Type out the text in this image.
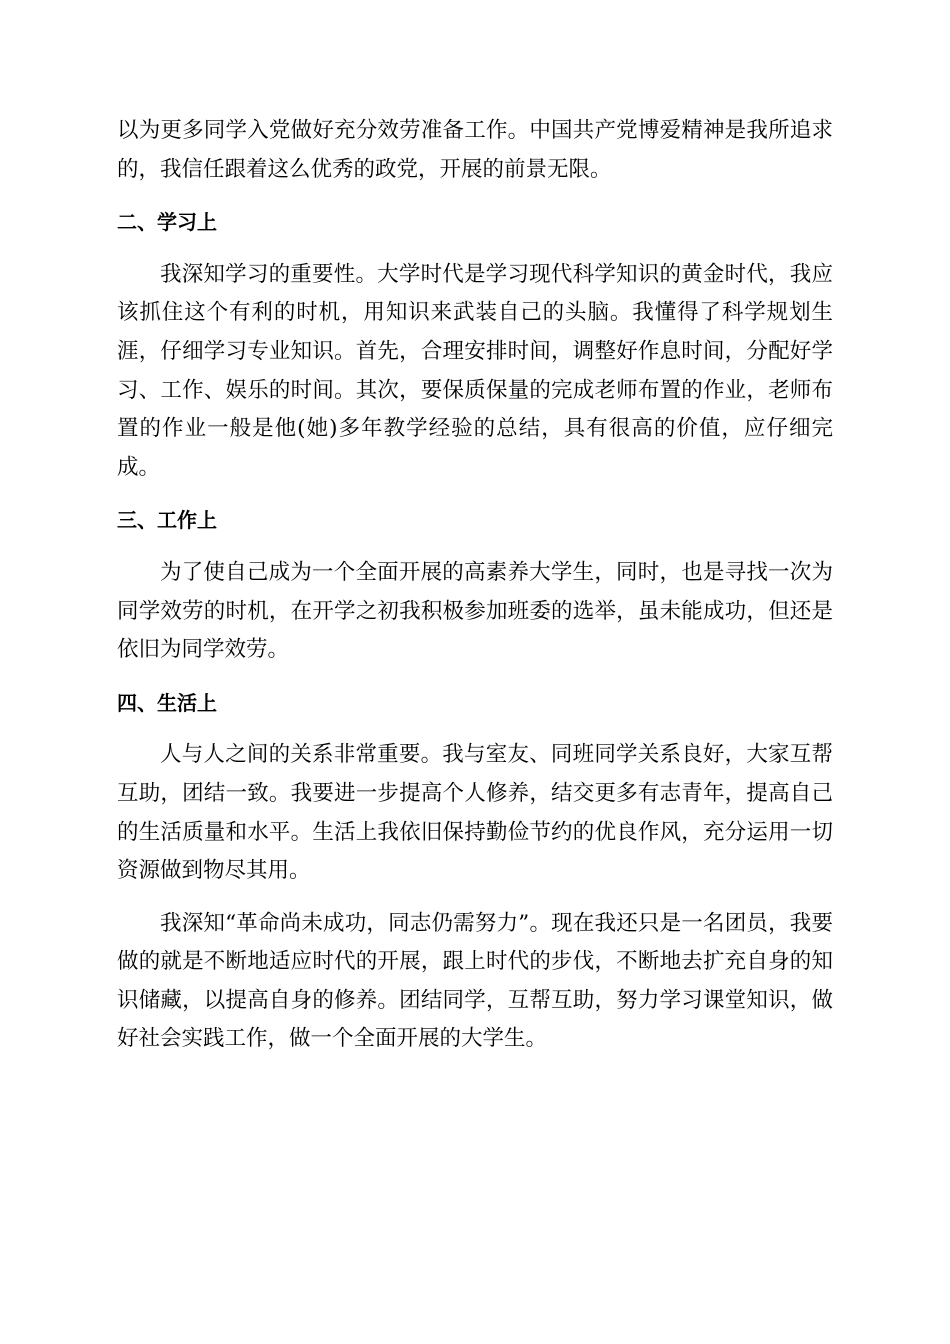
以为更多同学入党做好充分效劳准备工作。中国共产党博爱精神是我所追求的，我信任跟着这么优秀的政党，开展的前景无限。

二、学习上

我深知学习的重要性。大学时代是学习现代科学知识的黄金时代，我应该抓住这个有利的时机，用知识来武装自己的头脑。我懂得了科学规划生涯，仔细学习专业知识。首先，合理安排时间，调整好作息时间，分配好学习、工作、娱乐的时间。其次，要保质保量的完成老师布置的作业，老师布置的作业一般是他(她)多年教学经验的总结，具有很高的价值，应仔细完成。

三、工作上

为了使自己成为一个全面开展的高素养大学生，同时，也是寻找一次为同学效劳的时机，在开学之初我积极参加班委的选举，虽未能成功，但还是依旧为同学效劳。

四、生活上

人与人之间的关系非常重要。我与室友、同班同学关系良好，大家互帮互助，团结一致。我要进一步提高个人修养，结交更多有志青年，提高自己的生活质量和水平。生活上我依旧保持勤俭节约的优良作风，充分运用一切资源做到物尽其用。

我深知“革命尚未成功，同志仍需努力”。现在我还只是一名团员，我要做的就是不断地适应时代的开展，跟上时代的步伐，不断地去扩充自身的知识储藏，以提高自身的修养。团结同学，互帮互助，努力学习课堂知识，做好社会实践工作，做一个全面开展的大学生。
